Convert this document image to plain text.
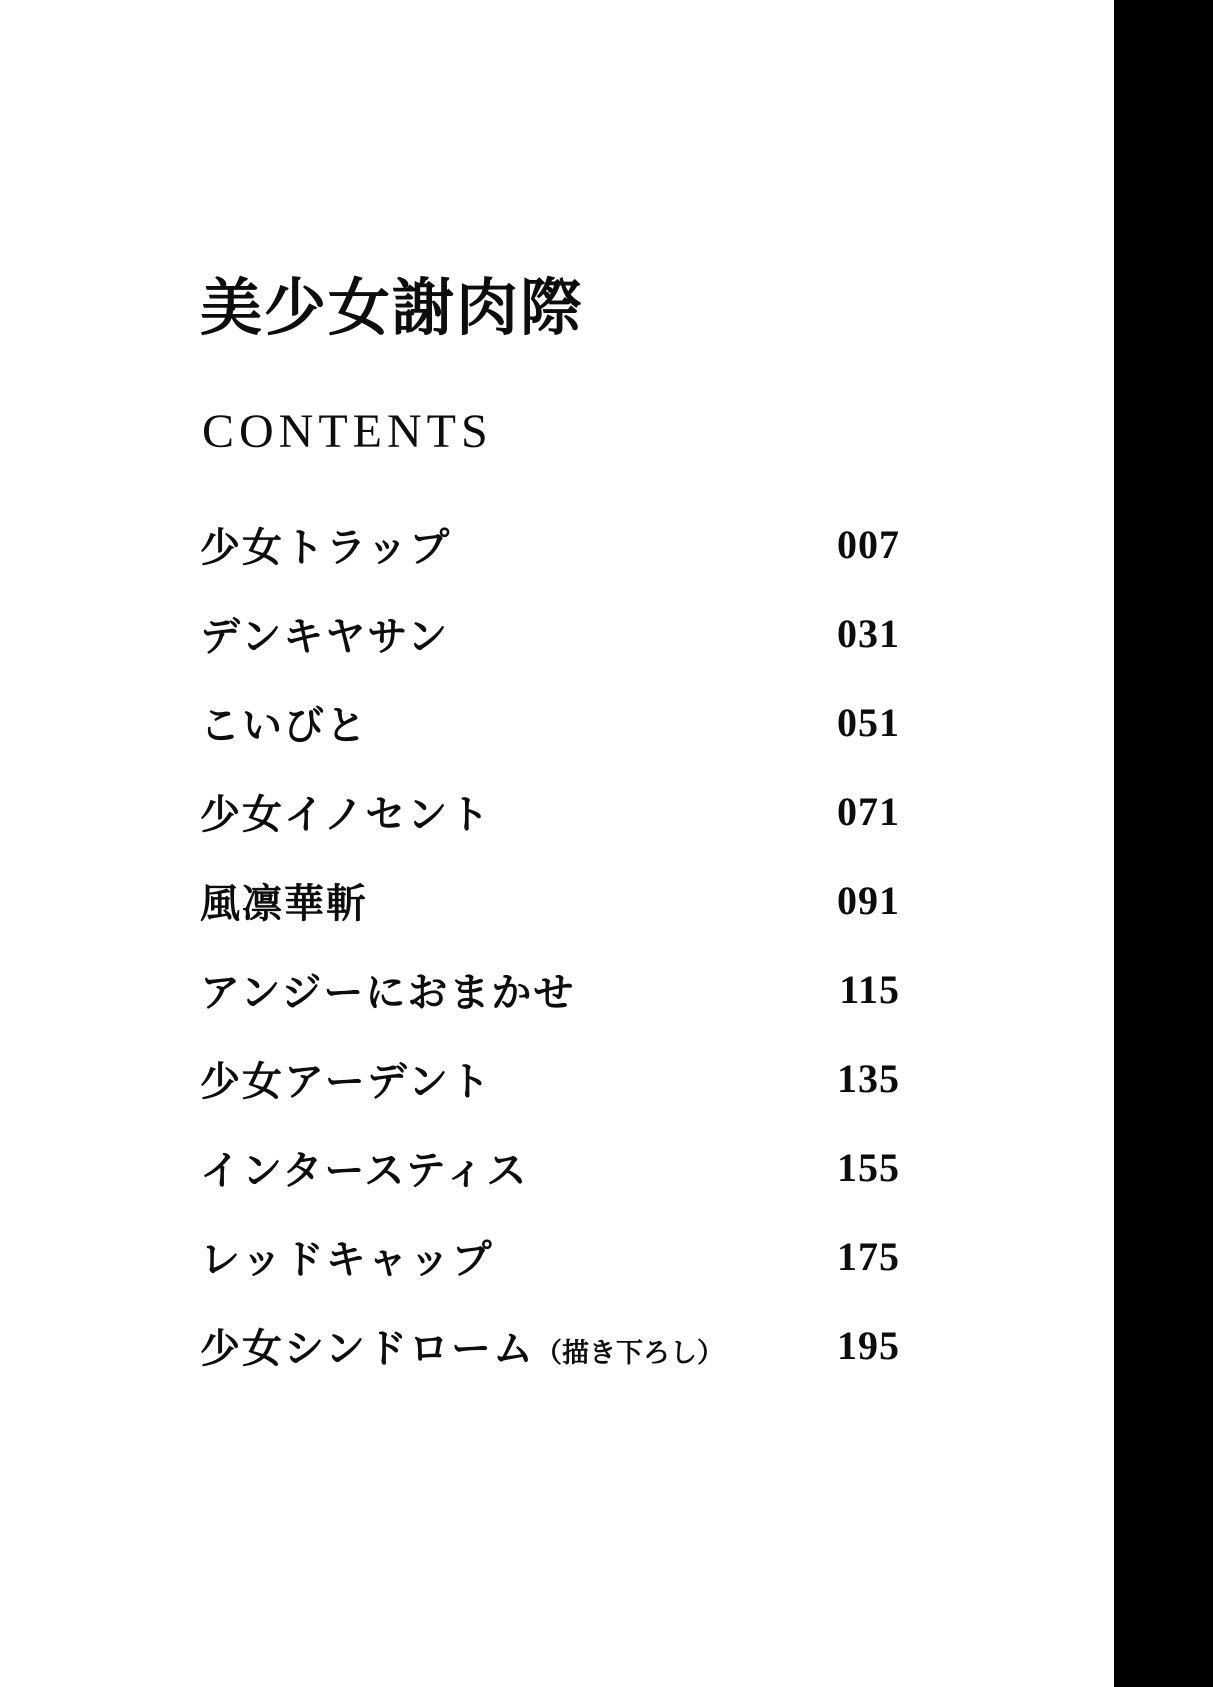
美少女謝肉際
CONTENTS
少女トラップ	007
デンキヤサン	031
こいびと	051
少女イノセント	071
風凛華斬	091
アンジーにおまかせ	115
少女アーデント	135
インタースティス	155
レッドキャップ	175
少女シンドローム（描き下ろし）	195
